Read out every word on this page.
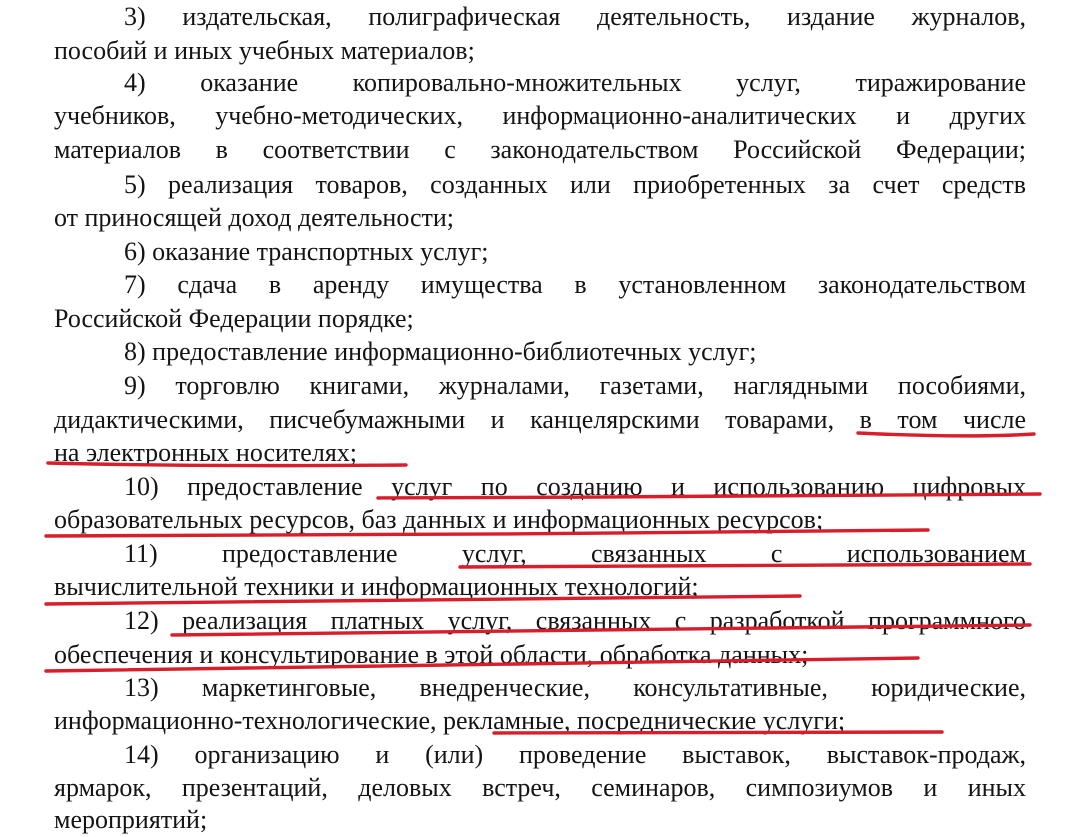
3) издательская, полиграфическая деятельность, издание журналов,
пособий и иных учебных материалов;
4) оказание копировально-множительных услуг, тиражирование
учебников, учебно-методических, информационно-аналитических и других
материалов в соответствии с законодательством Российской Федерации;
5) реализация товаров, созданных или приобретенных за счет средств
от приносящей доход деятельности;
6) оказание транспортных услуг;
7) сдача в аренду имущества в установленном законодательством
Российской Федерации порядке;
8) предоставление информационно-библиотечных услуг;
9) торговлю книгами, журналами, газетами, наглядными пособиями,
дидактическими, писчебумажными и канцелярскими товарами, в том числе
на электронных носителях;
10) предоставление услуг по созданию и использованию цифровых
образовательных ресурсов, баз данных и информационных ресурсов;
11) предоставление услуг, связанных с использованием
вычислительной техники и информационных технологий;
12) реализация платных услуг, связанных с разработкой программного
обеспечения и консультирование в этой области, обработка данных;
13) маркетинговые, внедренческие, консультативные, юридические,
информационно-технологические, рекламные, посреднические услуги;
14) организацию и (или) проведение выставок, выставок-продаж,
ярмарок, презентаций, деловых встреч, семинаров, симпозиумов и иных
мероприятий;
